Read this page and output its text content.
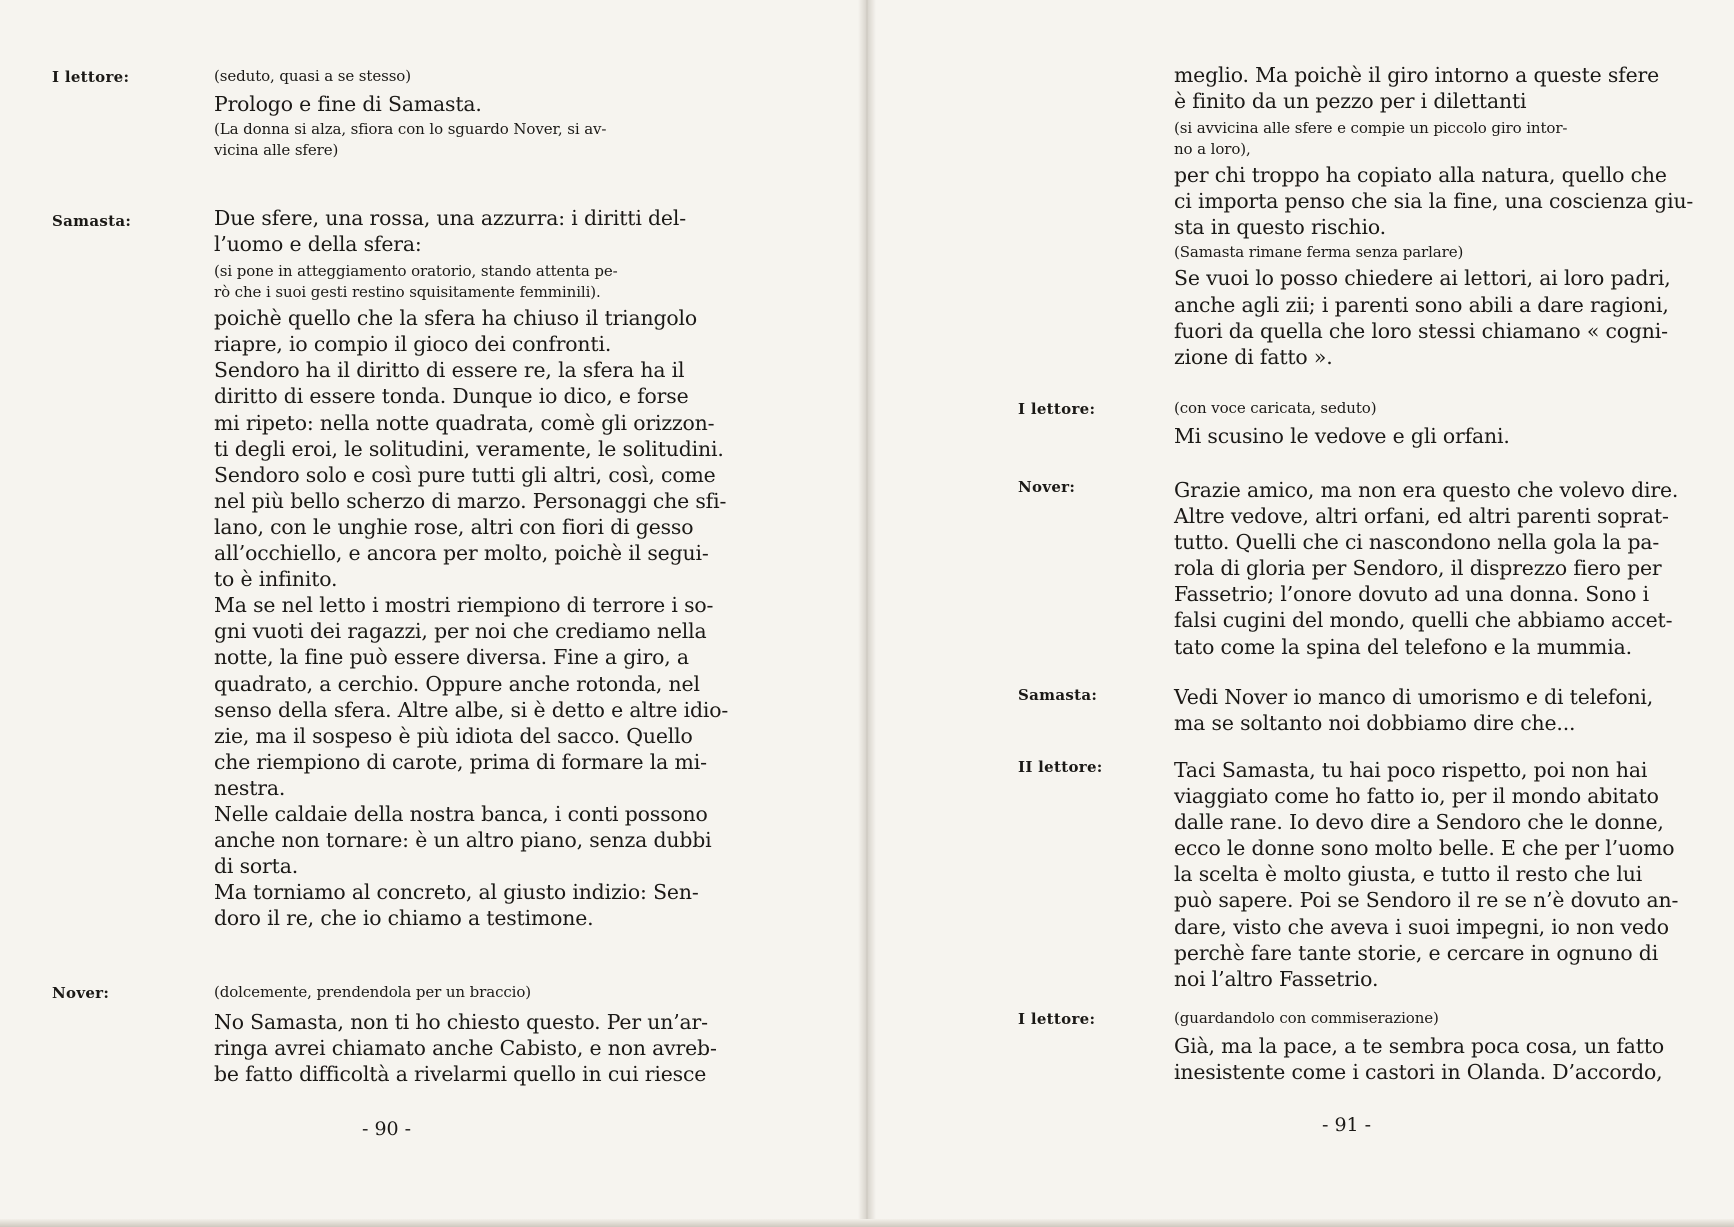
I lettore:	(seduto, quasi a se stesso)
Prologo e fine di Samasta.
(La donna si alza, sfiora con lo sguardo Nover, si av-
vicina alle sfere)
Samasta:	Due sfere, una rossa, una azzurra: i diritti del-
l’uomo e della sfera:
(si pone in atteggiamento oratorio, stando attenta pe-
rò che i suoi gesti restino squisitamente femminili).
poichè quello che la sfera ha chiuso il triangolo
riapre, io compio il gioco dei confronti.
Sendoro ha il diritto di essere re, la sfera ha il
diritto di essere tonda. Dunque io dico, e forse
mi ripeto: nella notte quadrata, comè gli orizzon-
ti degli eroi, le solitudini, veramente, le solitudini.
Sendoro solo e così pure tutti gli altri, così, come
nel più bello scherzo di marzo. Personaggi che sfi-
lano, con le unghie rose, altri con fiori di gesso
all’occhiello, e ancora per molto, poichè il segui-
to è infinito.
Ma se nel letto i mostri riempiono di terrore i so-
gni vuoti dei ragazzi, per noi che crediamo nella
notte, la fine può essere diversa. Fine a giro, a
quadrato, a cerchio. Oppure anche rotonda, nel
senso della sfera. Altre albe, si è detto e altre idio-
zie, ma il sospeso è più idiota del sacco. Quello
che riempiono di carote, prima di formare la mi-
nestra.
Nelle caldaie della nostra banca, i conti possono
anche non tornare: è un altro piano, senza dubbi
di sorta.
Ma torniamo al concreto, al giusto indizio: Sen-
doro il re, che io chiamo a testimone.
Nover:	(dolcemente, prendendola per un braccio)
No Samasta, non ti ho chiesto questo. Per un’ar-
ringa avrei chiamato anche Cabisto, e non avreb-
be fatto difficoltà a rivelarmi quello in cui riesce
- 90 -
meglio. Ma poichè il giro intorno a queste sfere
è finito da un pezzo per i dilettanti
(si avvicina alle sfere e compie un piccolo giro intor-
no a loro),
per chi troppo ha copiato alla natura, quello che
ci importa penso che sia la fine, una coscienza giu-
sta in questo rischio.
(Samasta rimane ferma senza parlare)
Se vuoi lo posso chiedere ai lettori, ai loro padri,
anche agli zii; i parenti sono abili a dare ragioni,
fuori da quella che loro stessi chiamano « cogni-
zione di fatto ».
I lettore:	(con voce caricata, seduto)
Mi scusino le vedove e gli orfani.
Nover:	Grazie amico, ma non era questo che volevo dire.
Altre vedove, altri orfani, ed altri parenti soprat-
tutto. Quelli che ci nascondono nella gola la pa-
rola di gloria per Sendoro, il disprezzo fiero per
Fassetrio; l’onore dovuto ad una donna. Sono i
falsi cugini del mondo, quelli che abbiamo accet-
tato come la spina del telefono e la mummia.
Samasta:	Vedi Nover io manco di umorismo e di telefoni,
ma se soltanto noi dobbiamo dire che...
II lettore:	Taci Samasta, tu hai poco rispetto, poi non hai
viaggiato come ho fatto io, per il mondo abitato
dalle rane. Io devo dire a Sendoro che le donne,
ecco le donne sono molto belle. E che per l’uomo
la scelta è molto giusta, e tutto il resto che lui
può sapere. Poi se Sendoro il re se n’è dovuto an-
dare, visto che aveva i suoi impegni, io non vedo
perchè fare tante storie, e cercare in ognuno di
noi l’altro Fassetrio.
I lettore:	(guardandolo con commiserazione)
Già, ma la pace, a te sembra poca cosa, un fatto
inesistente come i castori in Olanda. D’accordo,
- 91 -
